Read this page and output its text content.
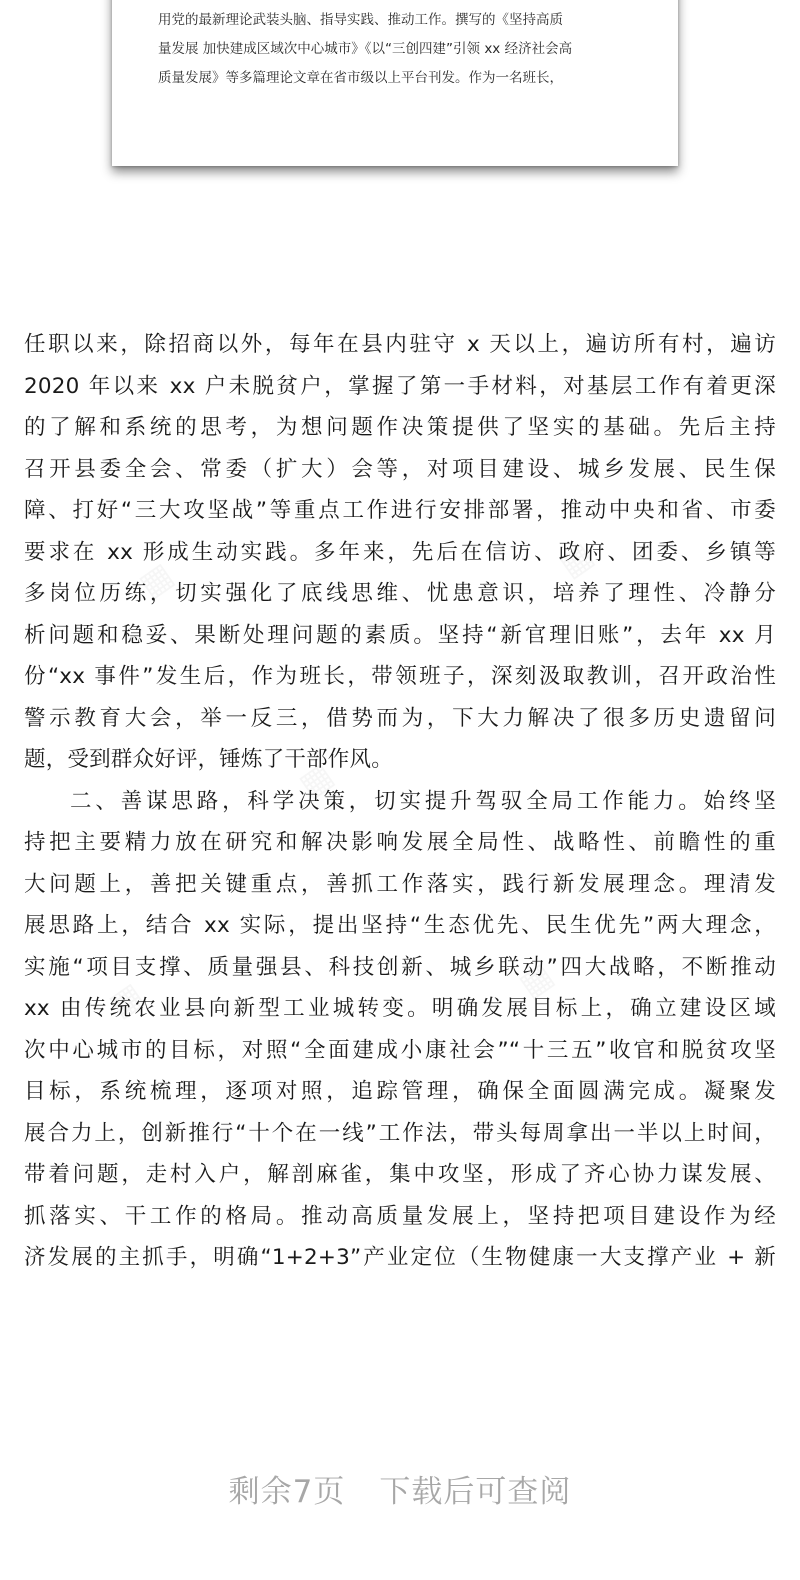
用党的最新理论武装头脑、指导实践、推动工作。撰写的《坚持高质
量发展 加快建成区域次中心城市》《以“三创四建”引领 xx 经济社会高
质量发展》等多篇理论文章在省市级以上平台刊发。作为一名班长，
任职以来，除招商以外，每年在县内驻守 x 天以上，遍访所有村，遍访
2020 年以来 xx 户未脱贫户，掌握了第一手材料，对基层工作有着更深
的了解和系统的思考，为想问题作决策提供了坚实的基础。先后主持
召开县委全会、常委（扩大）会等，对项目建设、城乡发展、民生保
障、打好“三大攻坚战”等重点工作进行安排部署，推动中央和省、市委
要求在 xx 形成生动实践。多年来，先后在信访、政府、团委、乡镇等
多岗位历练，切实强化了底线思维、忧患意识，培养了理性、冷静分
析问题和稳妥、果断处理问题的素质。坚持“新官理旧账”，去年 xx 月
份“xx 事件”发生后，作为班长，带领班子，深刻汲取教训，召开政治性
警示教育大会，举一反三，借势而为，下大力解决了很多历史遗留问
题，受到群众好评，锤炼了干部作风。
二、善谋思路，科学决策，切实提升驾驭全局工作能力。始终坚
持把主要精力放在研究和解决影响发展全局性、战略性、前瞻性的重
大问题上，善把关键重点，善抓工作落实，践行新发展理念。理清发
展思路上，结合 xx 实际，提出坚持“生态优先、民生优先”两大理念，
实施“项目支撑、质量强县、科技创新、城乡联动”四大战略，不断推动
xx 由传统农业县向新型工业城转变。明确发展目标上，确立建设区域
次中心城市的目标，对照“全面建成小康社会”“十三五”收官和脱贫攻坚
目标，系统梳理，逐项对照，追踪管理，确保全面圆满完成。凝聚发
展合力上，创新推行“十个在一线”工作法，带头每周拿出一半以上时间，
带着问题，走村入户，解剖麻雀，集中攻坚，形成了齐心协力谋发展、
抓落实、干工作的格局。推动高质量发展上，坚持把项目建设作为经
济发展的主抓手，明确“1+2+3”产业定位（生物健康一大支撑产业 + 新
剩余7页 下载后可查阅
